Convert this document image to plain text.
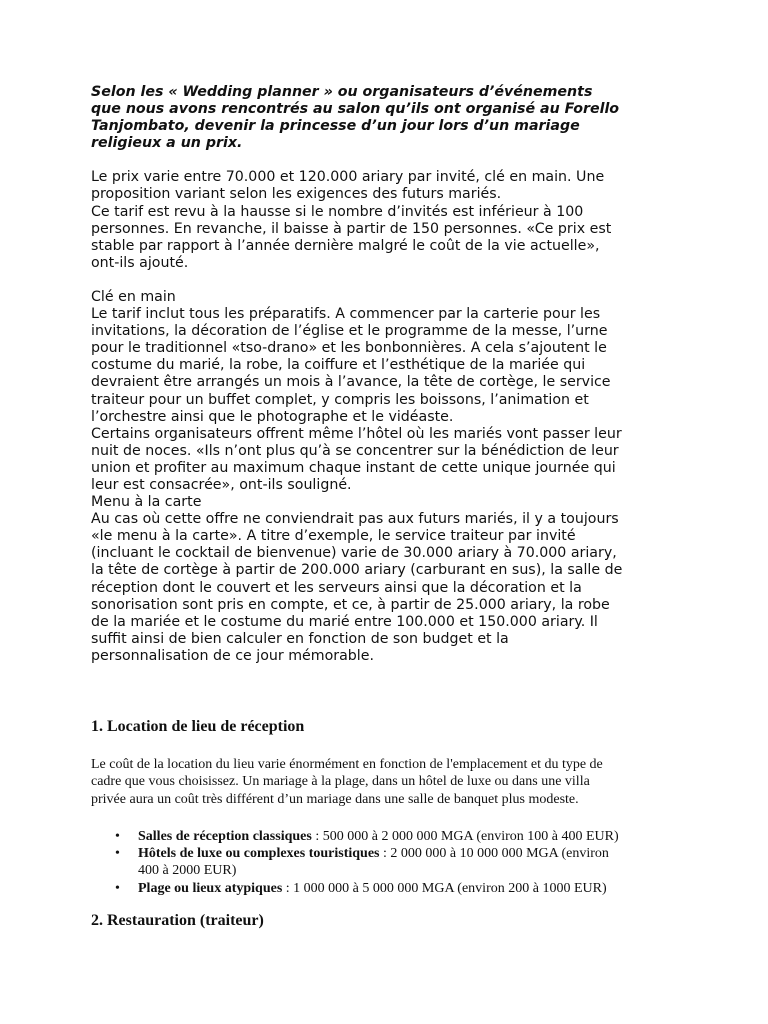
Selon les « Wedding planner » ou organisateurs d’événements
que nous avons rencontrés au salon qu’ils ont organisé au Forello
Tanjombato, devenir la princesse d’un jour lors d’un mariage
religieux a un prix.

Le prix varie entre 70.000 et 120.000 ariary par invité, clé en main. Une
proposition variant selon les exigences des futurs mariés.
Ce tarif est revu à la hausse si le nombre d’invités est inférieur à 100
personnes. En revanche, il baisse à partir de 150 personnes. «Ce prix est
stable par rapport à l’année dernière malgré le coût de la vie actuelle»,
ont-ils ajouté.

Clé en main
Le tarif inclut tous les préparatifs. A commencer par la carterie pour les
invitations, la décoration de l’église et le programme de la messe, l’urne
pour le traditionnel «tso-drano» et les bonbonnières. A cela s’ajoutent le
costume du marié, la robe, la coiffure et l’esthétique de la mariée qui
devraient être arrangés un mois à l’avance, la tête de cortège, le service
traiteur pour un buffet complet, y compris les boissons, l’animation et
l’orchestre ainsi que le photographe et le vidéaste.
Certains organisateurs offrent même l’hôtel où les mariés vont passer leur
nuit de noces. «Ils n’ont plus qu’à se concentrer sur la bénédiction de leur
union et profiter au maximum chaque instant de cette unique journée qui
leur est consacrée», ont-ils souligné.
Menu à la carte
Au cas où cette offre ne conviendrait pas aux futurs mariés, il y a toujours
«le menu à la carte». A titre d’exemple, le service traiteur par invité
(incluant le cocktail de bienvenue) varie de 30.000 ariary à 70.000 ariary,
la tête de cortège à partir de 200.000 ariary (carburant en sus), la salle de
réception dont le couvert et les serveurs ainsi que la décoration et la
sonorisation sont pris en compte, et ce, à partir de 25.000 ariary, la robe
de la mariée et le costume du marié entre 100.000 et 150.000 ariary. Il
suffit ainsi de bien calculer en fonction de son budget et la
personnalisation de ce jour mémorable.

1. Location de lieu de réception

Le coût de la location du lieu varie énormément en fonction de l'emplacement et du type de
cadre que vous choisissez. Un mariage à la plage, dans un hôtel de luxe ou dans une villa
privée aura un coût très différent d’un mariage dans une salle de banquet plus modeste.

• Salles de réception classiques : 500 000 à 2 000 000 MGA (environ 100 à 400 EUR)
• Hôtels de luxe ou complexes touristiques : 2 000 000 à 10 000 000 MGA (environ
400 à 2000 EUR)
• Plage ou lieux atypiques : 1 000 000 à 5 000 000 MGA (environ 200 à 1000 EUR)
2. Restauration (traiteur)
